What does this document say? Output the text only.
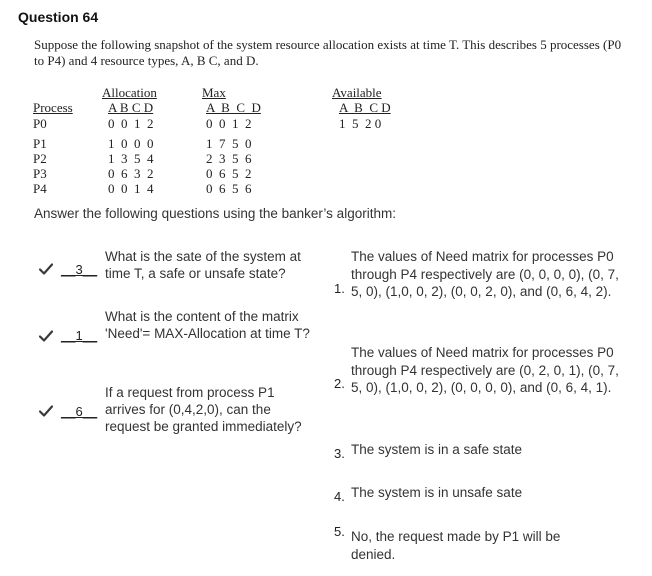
Question 64
Suppose the following snapshot of the system resource allocation exists at time T. This describes 5 processes (P0 to P4) and 4 resource types, A, B C, and D.
Allocation	Max	Available
Process	A B C D	A  B  C  D	A  B  C D
P0	0  0  1  2	0  0  1  2	1  5  2 0
P1	1  0  0  0	1  7  5  0
P2	1  3  5  4	2  3  5  6
P3	0  6  3  2	0  6  5  2
P4	0  0  1  4	0  6  5  6
Answer the following questions using the banker’s algorithm:
__3__
What is the sate of the system at time T, a safe or unsafe state?
__1__
What is the content of the matrix 'Need'= MAX-Allocation at time T?
__6__
If a request from process P1 arrives for (0,4,2,0), can the request be granted immediately?
1.
The values of Need matrix for processes P0 through P4 respectively are (0, 0, 0, 0), (0, 7, 5, 0), (1,0, 0, 2), (0, 0, 2, 0), and (0, 6, 4, 2).
2.
The values of Need matrix for processes P0 through P4 respectively are (0, 2, 0, 1), (0, 7, 5, 0), (1,0, 0, 2), (0, 0, 0, 0), and (0, 6, 4, 1).
3. The system is in a safe state
4. The system is in unsafe sate
5. No, the request made by P1 will be denied.
